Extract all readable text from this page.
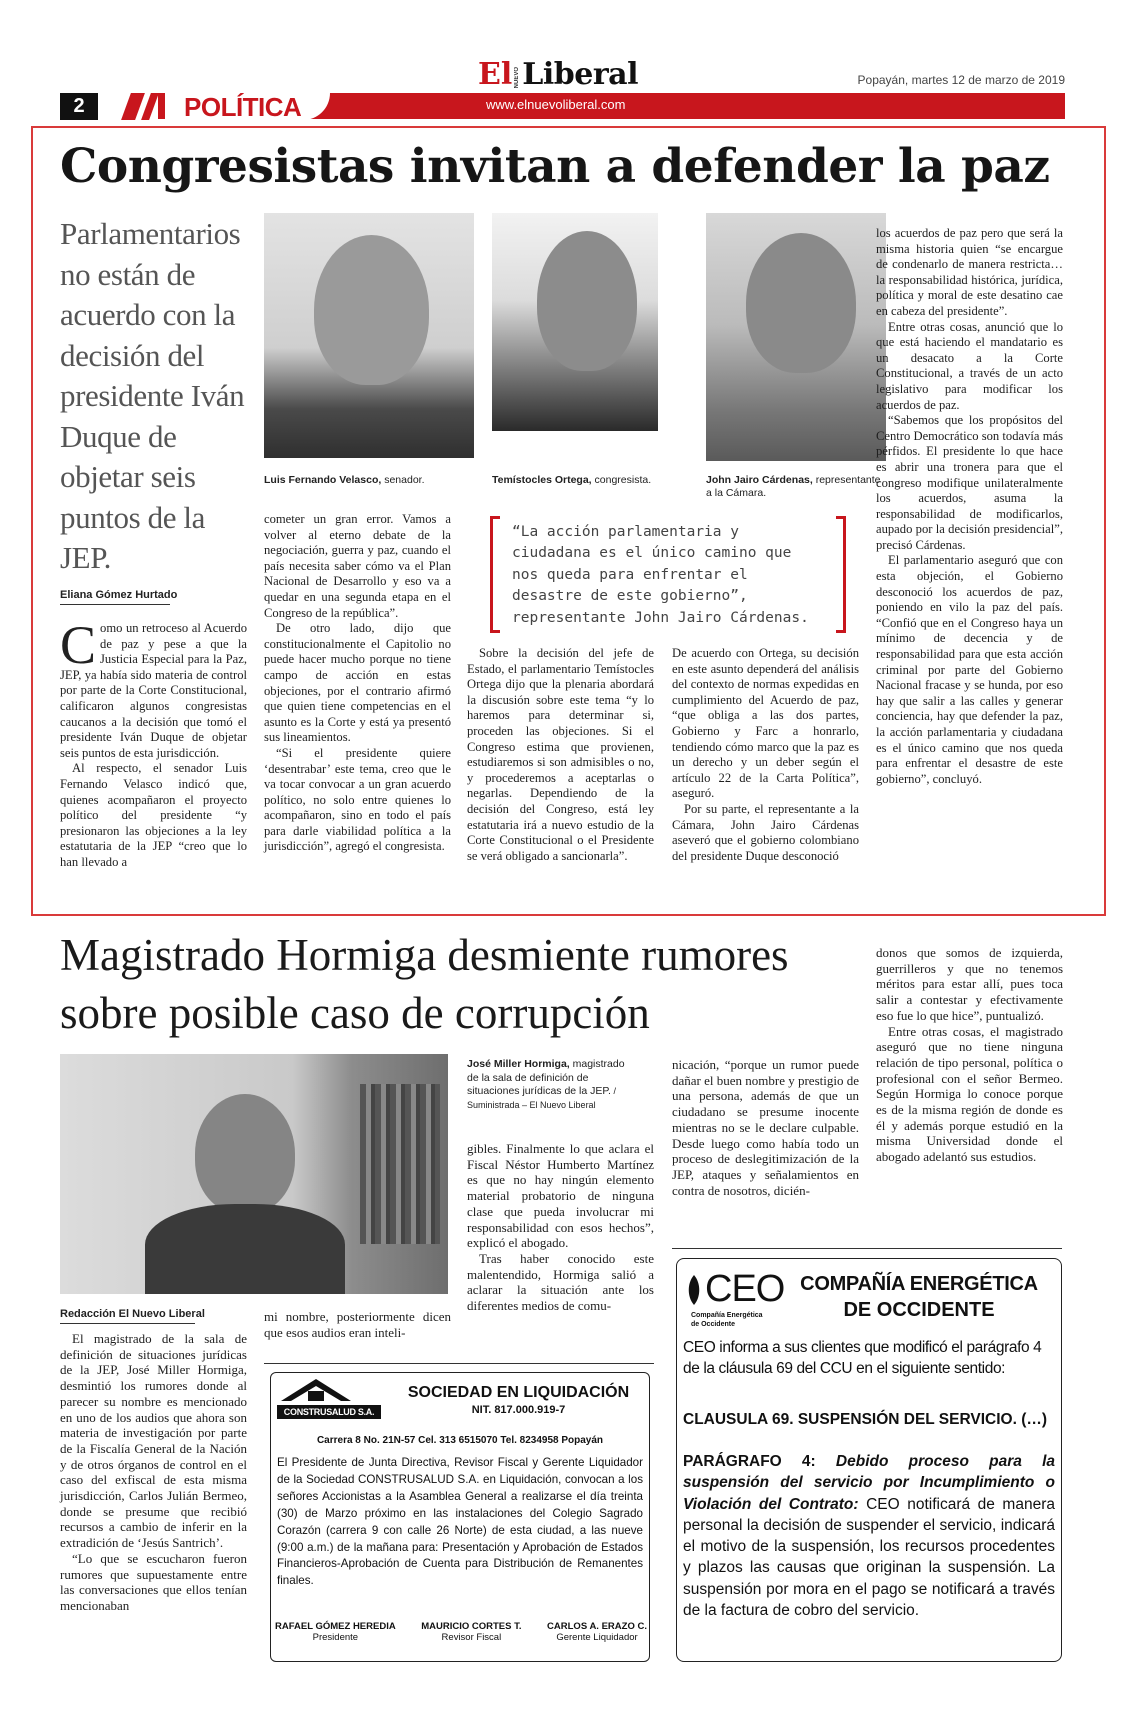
El NUEVO Liberal	Popayán, martes 12 de marzo de 2019
www.elnuevoliberal.com
2	POLÍTICA
Congresistas invitan a defender la paz
Parlamentarios no están de acuerdo con la decisión del presidente Iván Duque de objetar seis puntos de la JEP.
Eliana Gómez Hurtado
Luis Fernando Velasco, senador.	Temístocles Ortega, congresista.	John Jairo Cárdenas, representante a la Cámara.
“La acción parlamentaria y ciudadana es el único camino que nos queda para enfrentar el desastre de este gobierno”, representante John Jairo Cárdenas.

Como un retroceso al Acuerdo de paz y pese a que la Justicia Especial para la Paz, JEP, ya había sido materia de control por parte de la Corte Constitucional, calificaron algunos congresistas caucanos a la decisión que tomó el presidente Iván Duque de objetar seis puntos de esta jurisdicción.

Al respecto, el senador Luis Fernando Velasco indicó que, quienes acompañaron el proyecto político del presidente “y presionaron las objeciones a la ley estatutaria de la JEP “creo que lo han llevado a

cometer un gran error. Vamos a volver al eterno debate de la negociación, guerra y paz, cuando el país necesita saber cómo va el Plan Nacional de Desarrollo y eso va a quedar en una segunda etapa en el Congreso de la república”.

De otro lado, dijo que constitucionalmente el Capitolio no puede hacer mucho porque no tiene campo de acción en estas objeciones, por el contrario afirmó que quien tiene competencias en el asunto es la Corte y está ya presentó sus lineamientos.

“Si el presidente quiere ‘desentrabar’ este tema, creo que le va tocar convocar a un gran acuerdo político, no solo entre quienes lo acompañaron, sino en todo el país para darle viabilidad política a la jurisdicción”, agregó el congresista.

Sobre la decisión del jefe de Estado, el parlamentario Temístocles Ortega dijo que la plenaria abordará la discusión sobre este tema “y lo haremos para determinar si, proceden las objeciones. Si el Congreso estima que provienen, estudiaremos si son admisibles o no, y procederemos a aceptarlas o negarlas. Dependiendo de la decisión del Congreso, está ley estatutaria irá a nuevo estudio de la Corte Constitucional o el Presidente se verá obligado a sancionarla”.

De acuerdo con Ortega, su decisión en este asunto dependerá del análisis del contexto de normas expedidas en cumplimiento del Acuerdo de paz, “que obliga a las dos partes, Gobierno y Farc a honrarlo, tendiendo cómo marco que la paz es un derecho y un deber según el artículo 22 de la Carta Política”, aseguró.

Por su parte, el representante a la Cámara, John Jairo Cárdenas aseveró que el gobierno colombiano del presidente Duque desconoció

los acuerdos de paz pero que será la misma historia quien “se encargue de condenarlo de manera restricta… la responsabilidad histórica, jurídica, política y moral de este desatino cae en cabeza del presidente”.

Entre otras cosas, anunció que lo que está haciendo el mandatario es un desacato a la Corte Constitucional, a través de un acto legislativo para modificar los acuerdos de paz.

“Sabemos que los propósitos del Centro Democrático son todavía más pérfidos. El presidente lo que hace es abrir una tronera para que el congreso modifique unilateralmente los acuerdos, asuma la responsabilidad de modificarlos, aupado por la decisión presidencial”, precisó Cárdenas.

El parlamentario aseguró que con esta objeción, el Gobierno desconoció los acuerdos de paz, poniendo en vilo la paz del país. “Confió que en el Congreso haya un mínimo de decencia y de responsabilidad para que esta acción criminal por parte del Gobierno Nacional fracase y se hunda, por eso hay que salir a las calles y generar conciencia, hay que defender la paz, la acción parlamentaria y ciudadana es el único camino que nos queda para enfrentar el desastre de este gobierno”, concluyó.

Magistrado Hormiga desmiente rumores
sobre posible caso de corrupción
José Miller Hormiga, magistrado de la sala de definición de situaciones jurídicas de la JEP. / Suministrada – El Nuevo Liberal
Redacción El Nuevo Liberal

El magistrado de la sala de definición de situaciones jurídicas de la JEP, José Miller Hormiga, desmintió los rumores donde al parecer su nombre es mencionado en uno de los audios que ahora son materia de investigación por parte de la Fiscalía General de la Nación y de otros órganos de control en el caso del exfiscal de esta misma jurisdicción, Carlos Julián Bermeo, donde se presume que recibió recursos a cambio de inferir en la extradición de ‘Jesús Santrich’.

“Lo que se escucharon fueron rumores que supuestamente entre las conversaciones que ellos tenían mencionaban

mi nombre, posteriormente dicen que esos audios eran inteli-

gibles. Finalmente lo que aclara el Fiscal Néstor Humberto Martínez es que no hay ningún elemento material probatorio de ninguna clase que pueda involucrar mi responsabilidad con esos hechos”, explicó el abogado.

Tras haber conocido este malentendido, Hormiga salió a aclarar la situación ante los diferentes medios de comu-

nicación, “porque un rumor puede dañar el buen nombre y prestigio de una persona, además de que un ciudadano se presume inocente mientras no se le declare culpable. Desde luego como había todo un proceso de deslegitimización de la JEP, ataques y señalamientos en contra de nosotros, dicién-

donos que somos de izquierda, guerrilleros y que no tenemos méritos para estar allí, pues toca salir a contestar y efectivamente eso fue lo que hice”, puntualizó.

Entre otras cosas, el magistrado aseguró que no tiene ninguna relación de tipo personal, política o profesional con el señor Bermeo. Según Hormiga lo conoce porque es de la misma región de donde es él y además porque estudió en la misma Universidad donde el abogado adelantó sus estudios.

CONSTRUSALUD S.A.
SOCIEDAD EN LIQUIDACIÓN
NIT. 817.000.919-7
Carrera 8 No. 21N-57 Cel. 313 6515070 Tel. 8234958 Popayán
El Presidente de Junta Directiva, Revisor Fiscal y Gerente Liquidador de la Sociedad CONSTRUSALUD S.A. en Liquidación, convocan a los señores Accionistas a la Asamblea General a realizarse el día treinta (30) de Marzo próximo en las instalaciones del Colegio Sagrado Corazón (carrera 9 con calle 26 Norte) de esta ciudad, a las nueve (9:00 a.m.) de la mañana para: Presentación y Aprobación de Estados Financieros-Aprobación de Cuenta para Distribución de Remanentes finales.
RAFAEL GÓMEZ HEREDIA
Presidente
MAURICIO CORTES T.
Revisor Fiscal
CARLOS A. ERAZO C.
Gerente Liquidador
CEO
Compañía Energética
de Occidente
COMPAÑÍA ENERGÉTICA
DE OCCIDENTE
CEO informa a sus clientes que modificó el parágrafo 4 de la cláusula 69 del CCU en el siguiente sentido:
CLAUSULA 69. SUSPENSIÓN DEL SERVICIO. (…)
PARÁGRAFO 4: Debido proceso para la suspensión del servicio por Incumplimiento o Violación del Contrato: CEO notificará de manera personal la decisión de suspender el servicio, indicará el motivo de la suspensión, los recursos procedentes y plazos las causas que originan la suspensión. La suspensión por mora en el pago se notificará a través de la factura de cobro del servicio.
